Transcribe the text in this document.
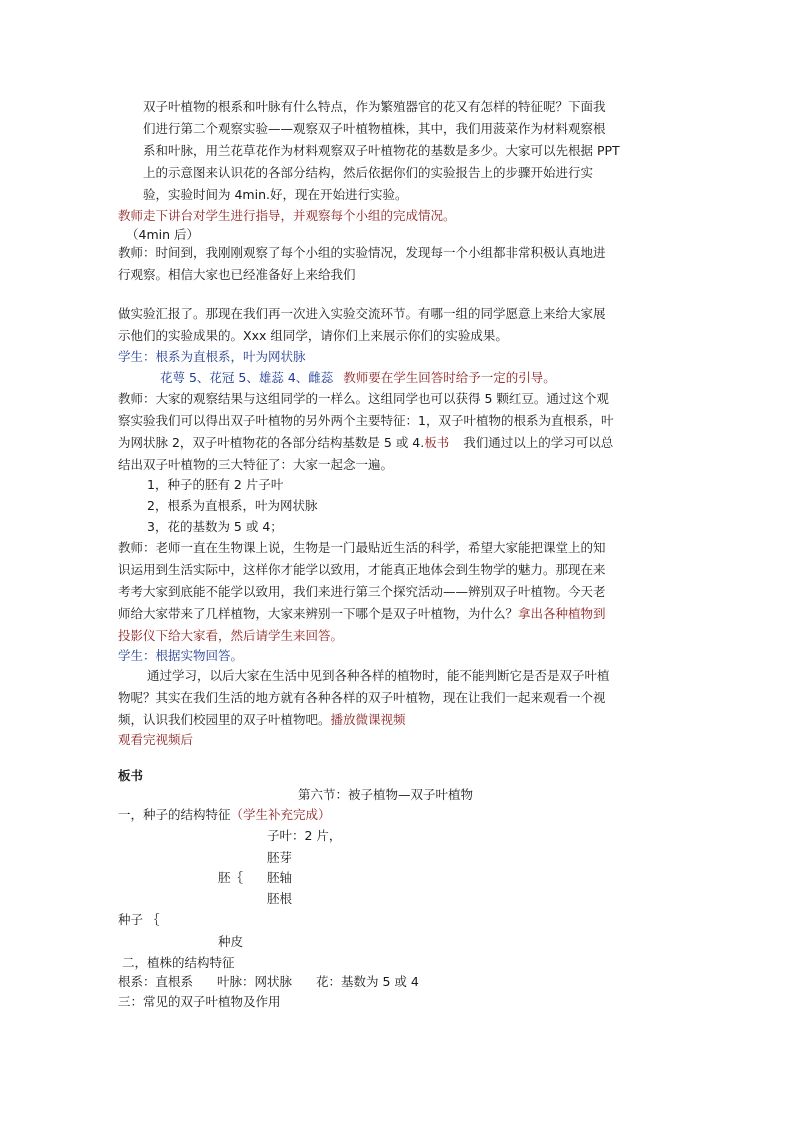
双子叶植物的根系和叶脉有什么特点，作为繁殖器官的花又有怎样的特征呢？下面我
们进行第二个观察实验——观察双子叶植物植株，其中，我们用菠菜作为材料观察根
系和叶脉，用兰花草花作为材料观察双子叶植物花的基数是多少。大家可以先根据 PPT
上的示意图来认识花的各部分结构，然后依据你们的实验报告上的步骤开始进行实
验，实验时间为 4min.好，现在开始进行实验。
教师走下讲台对学生进行指导，并观察每个小组的完成情况。
（4min 后）
教师：时间到，我刚刚观察了每个小组的实验情况，发现每一个小组都非常积极认真地进
行观察。相信大家也已经准备好上来给我们
做实验汇报了。那现在我们再一次进入实验交流环节。有哪一组的同学愿意上来给大家展
示他们的实验成果的。Xxx 组同学，请你们上来展示你们的实验成果。
学生：根系为直根系，叶为网状脉
花萼 5、花冠 5、雄蕊 4、雌蕊 教师要在学生回答时给予一定的引导。
教师：大家的观察结果与这组同学的一样么。这组同学也可以获得 5 颗红豆。通过这个观
察实验我们可以得出双子叶植物的另外两个主要特征：1，双子叶植物的根系为直根系，叶
为网状脉 2，双子叶植物花的各部分结构基数是 5 或 4.板书 我们通过以上的学习可以总
结出双子叶植物的三大特征了：大家一起念一遍。
1，种子的胚有 2 片子叶
2，根系为直根系，叶为网状脉
3，花的基数为 5 或 4；
教师：老师一直在生物课上说，生物是一门最贴近生活的科学，希望大家能把课堂上的知
识运用到生活实际中，这样你才能学以致用，才能真正地体会到生物学的魅力。那现在来
考考大家到底能不能学以致用，我们来进行第三个探究活动——辨别双子叶植物。今天老
师给大家带来了几样植物，大家来辨别一下哪个是双子叶植物，为什么？拿出各种植物到
投影仪下给大家看，然后请学生来回答。
学生：根据实物回答。
通过学习，以后大家在生活中见到各种各样的植物时，能不能判断它是否是双子叶植
物呢？其实在我们生活的地方就有各种各样的双子叶植物，现在让我们一起来观看一个视
频，认识我们校园里的双子叶植物吧。播放微课视频
观看完视频后
板书
第六节：被子植物—双子叶植物
一，种子的结构特征（学生补充完成）
子叶：2 片，
胚芽
胚｛ 胚轴
胚根
种子 ｛
种皮
二，植株的结构特征
根系：直根系 叶脉：网状脉 花：基数为 5 或 4
三：常见的双子叶植物及作用
